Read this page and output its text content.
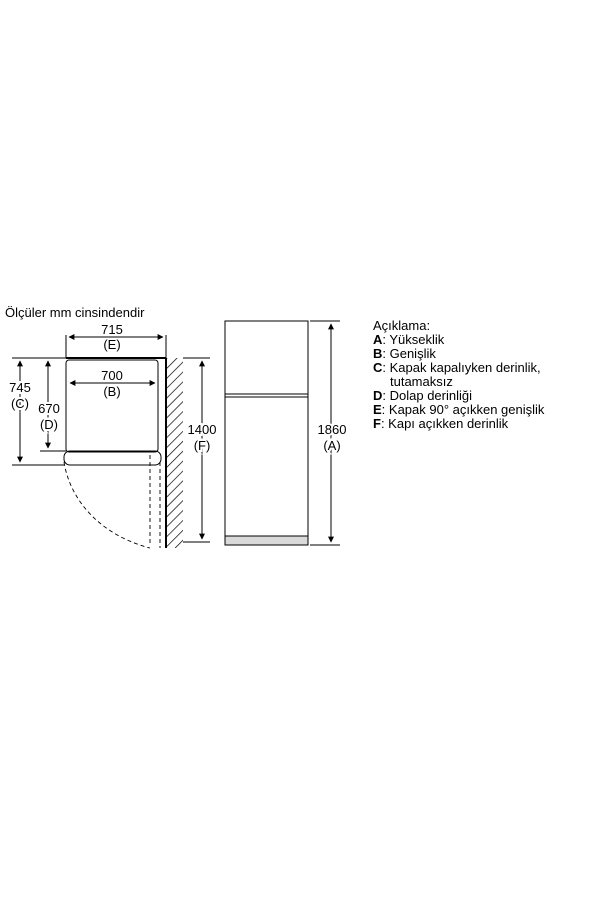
Ölçüler mm cinsindendir
715
(E)
700
(B)
745
(C) 670
(D)	1400
(F)
1860
(A)
Açıklama:
A: Yükseklik
B: Genişlik
C: Kapak kapalıyken derinlik,
tutamaksız
D: Dolap derinliği
E: Kapak 90° açıkken genişlik
F: Kapı açıkken derinlik
